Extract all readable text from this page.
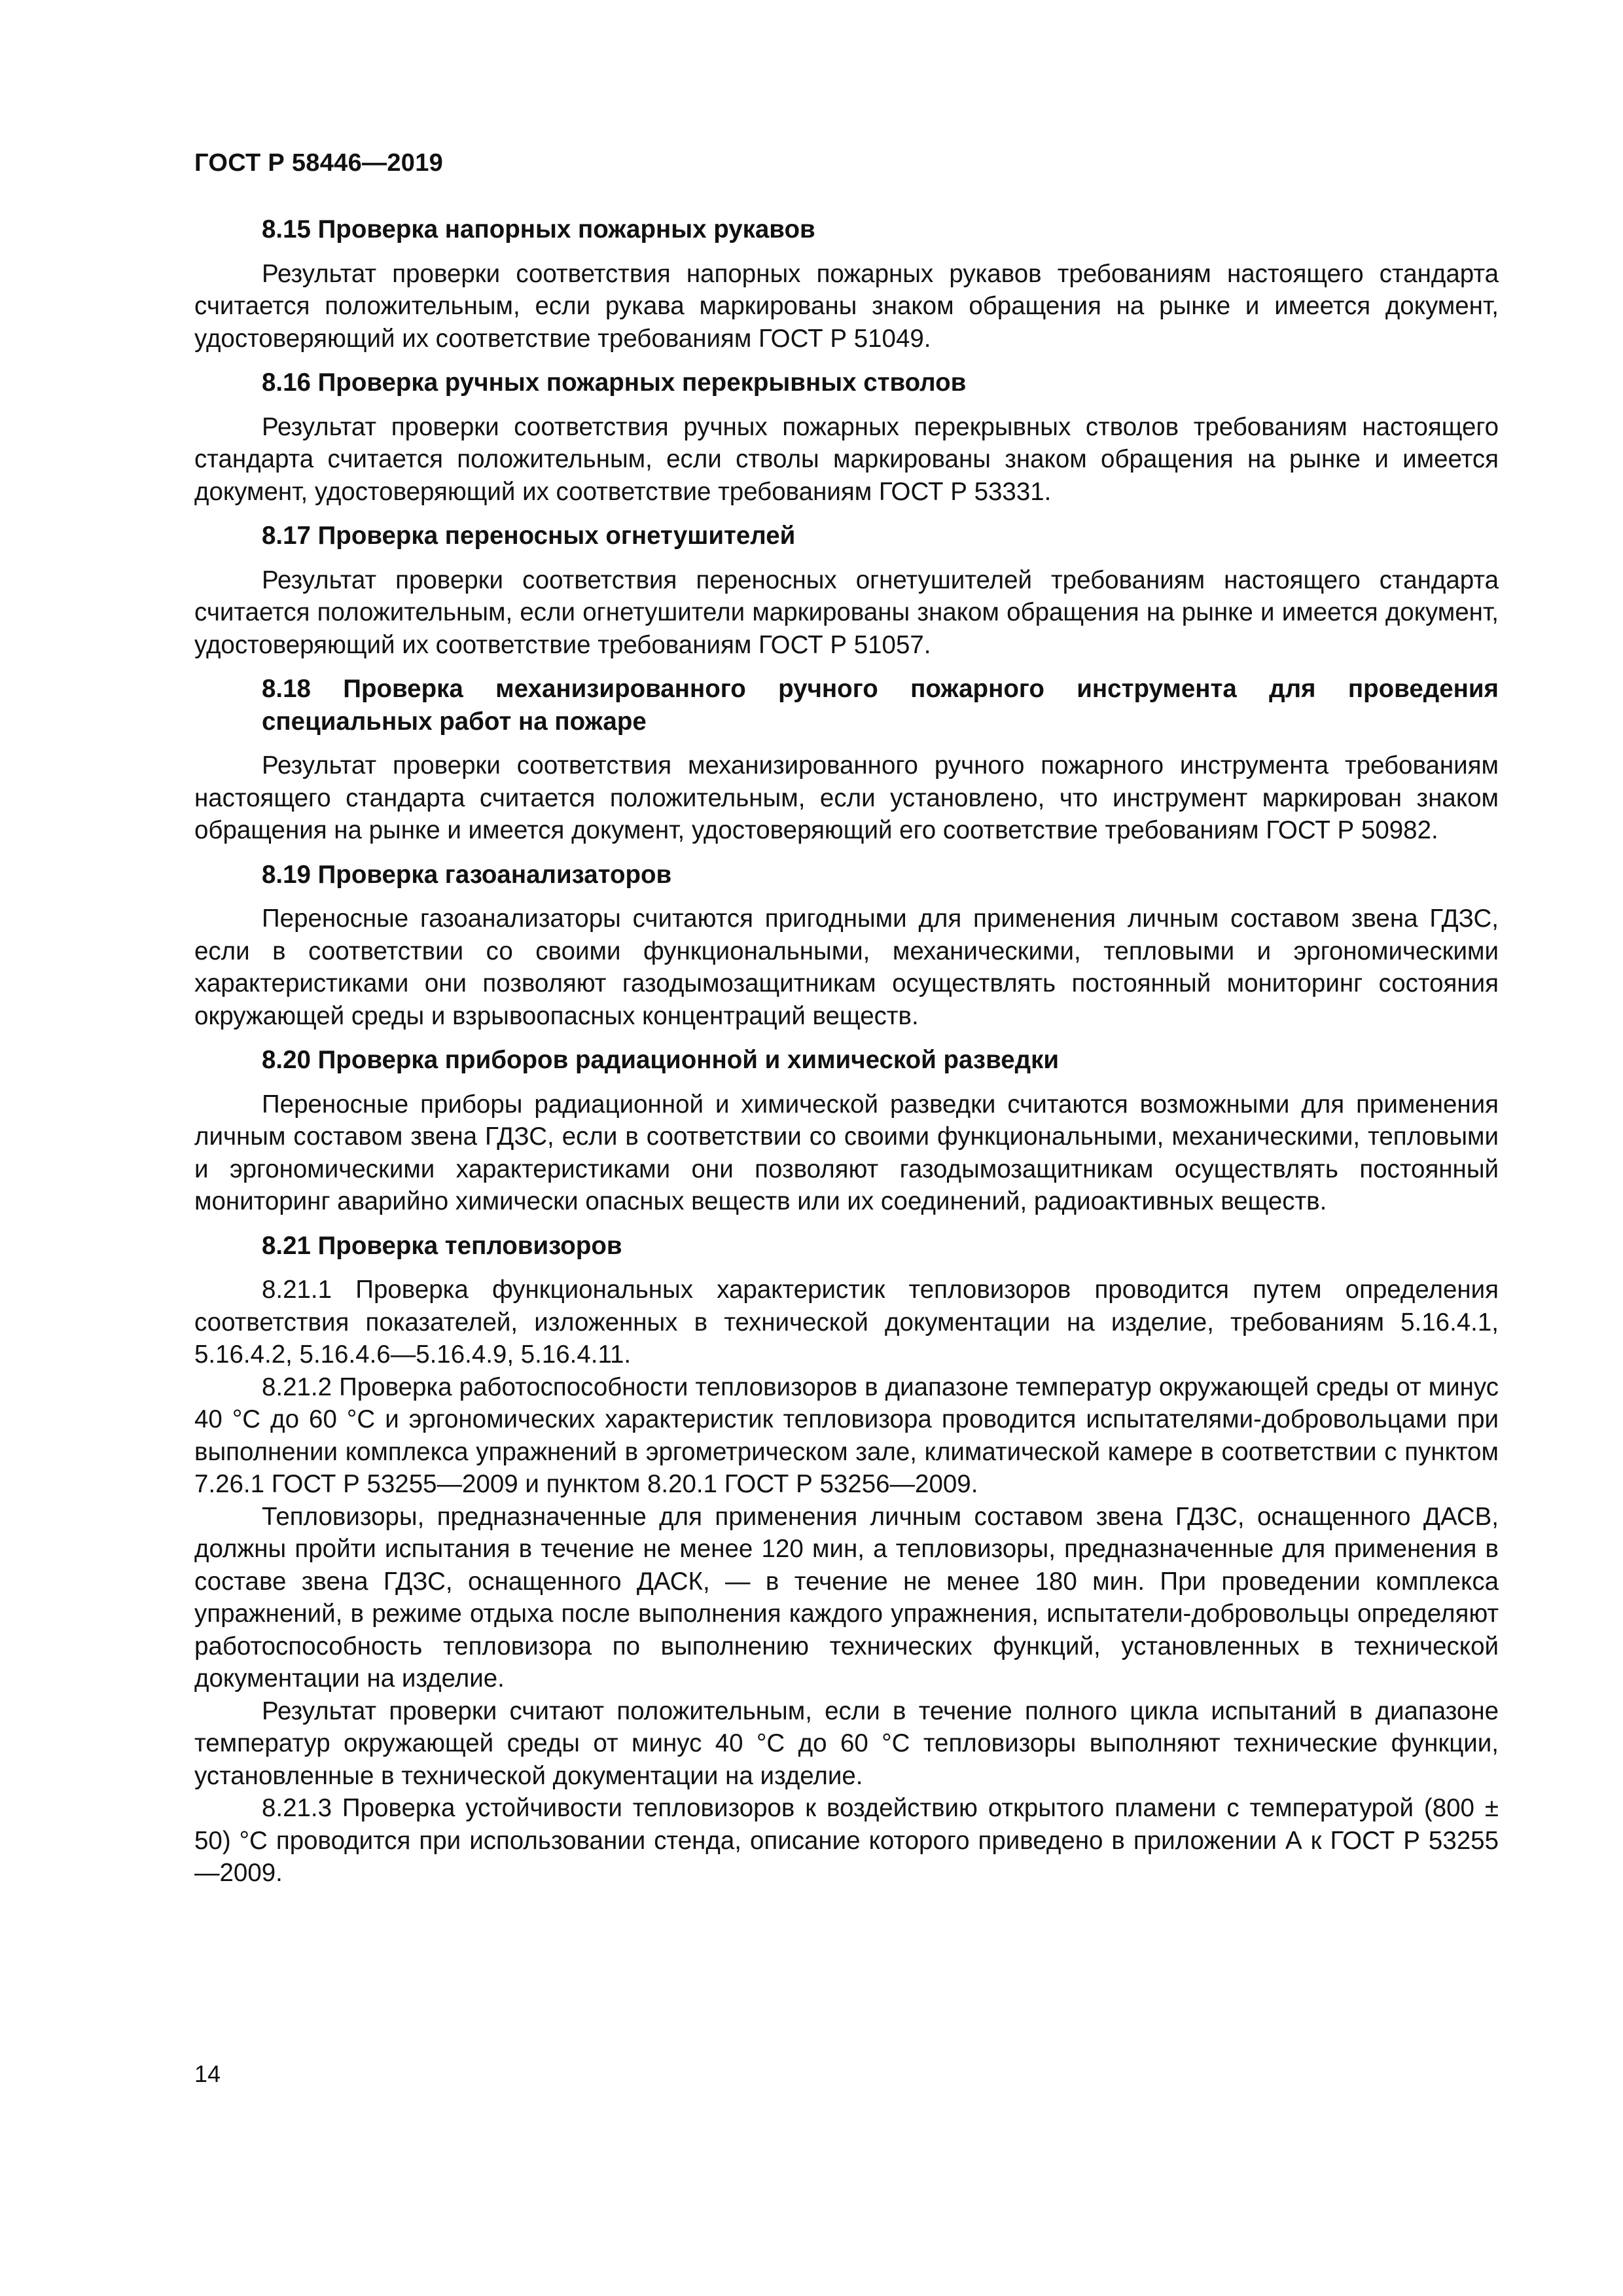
ГОСТ Р 58446—2019
8.15 Проверка напорных пожарных рукавов

Результат проверки соответствия напорных пожарных рукавов требованиям настоящего стандарта считается положительным, если рукава маркированы знаком обращения на рынке и имеется документ, удостоверяющий их соответствие требованиям ГОСТ Р 51049.

8.16 Проверка ручных пожарных перекрывных стволов

Результат проверки соответствия ручных пожарных перекрывных стволов требованиям настоящего стандарта считается положительным, если стволы маркированы знаком обращения на рынке и имеется документ, удостоверяющий их соответствие требованиям ГОСТ Р 53331.

8.17 Проверка переносных огнетушителей

Результат проверки соответствия переносных огнетушителей требованиям настоящего стандарта считается положительным, если огнетушители маркированы знаком обращения на рынке и имеется документ, удостоверяющий их соответствие требованиям ГОСТ Р 51057.

8.18 Проверка механизированного ручного пожарного инструмента для проведения специальных работ на пожаре

Результат проверки соответствия механизированного ручного пожарного инструмента требованиям настоящего стандарта считается положительным, если установлено, что инструмент маркирован знаком обращения на рынке и имеется документ, удостоверяющий его соответствие требованиям ГОСТ Р 50982.

8.19 Проверка газоанализаторов

Переносные газоанализаторы считаются пригодными для применения личным составом звена ГДЗС, если в соответствии со своими функциональными, механическими, тепловыми и эргономическими характеристиками они позволяют газодымозащитникам осуществлять постоянный мониторинг состояния окружающей среды и взрывоопасных концентраций веществ.

8.20 Проверка приборов радиационной и химической разведки

Переносные приборы радиационной и химической разведки считаются возможными для применения личным составом звена ГДЗС, если в соответствии со своими функциональными, механическими, тепловыми и эргономическими характеристиками они позволяют газодымозащитникам осуществлять постоянный мониторинг аварийно химически опасных веществ или их соединений, радиоактивных веществ.

8.21 Проверка тепловизоров

8.21.1 Проверка функциональных характеристик тепловизоров проводится путем определения соответствия показателей, изложенных в технической документации на изделие, требованиям 5.16.4.1, 5.16.4.2, 5.16.4.6—5.16.4.9, 5.16.4.11.

8.21.2 Проверка работоспособности тепловизоров в диапазоне температур окружающей среды от минус 40 °С до 60 °С и эргономических характеристик тепловизора проводится испытателями-добровольцами при выполнении комплекса упражнений в эргометрическом зале, климатической камере в соответствии с пунктом 7.26.1 ГОСТ Р 53255—2009 и пунктом 8.20.1 ГОСТ Р 53256—2009.

Тепловизоры, предназначенные для применения личным составом звена ГДЗС, оснащенного ДАСВ, должны пройти испытания в течение не менее 120 мин, а тепловизоры, предназначенные для применения в составе звена ГДЗС, оснащенного ДАСК, — в течение не менее 180 мин. При проведении комплекса упражнений, в режиме отдыха после выполнения каждого упражнения, испытатели-добровольцы определяют работоспособность тепловизора по выполнению технических функций, установленных в технической документации на изделие.

Результат проверки считают положительным, если в течение полного цикла испытаний в диапазоне температур окружающей среды от минус 40 °С до 60 °С тепловизоры выполняют технические функции, установленные в технической документации на изделие.

8.21.3 Проверка устойчивости тепловизоров к воздействию открытого пламени с температурой (800 ± 50) °С проводится при использовании стенда, описание которого приведено в приложении А к ГОСТ Р 53255—2009.

14
